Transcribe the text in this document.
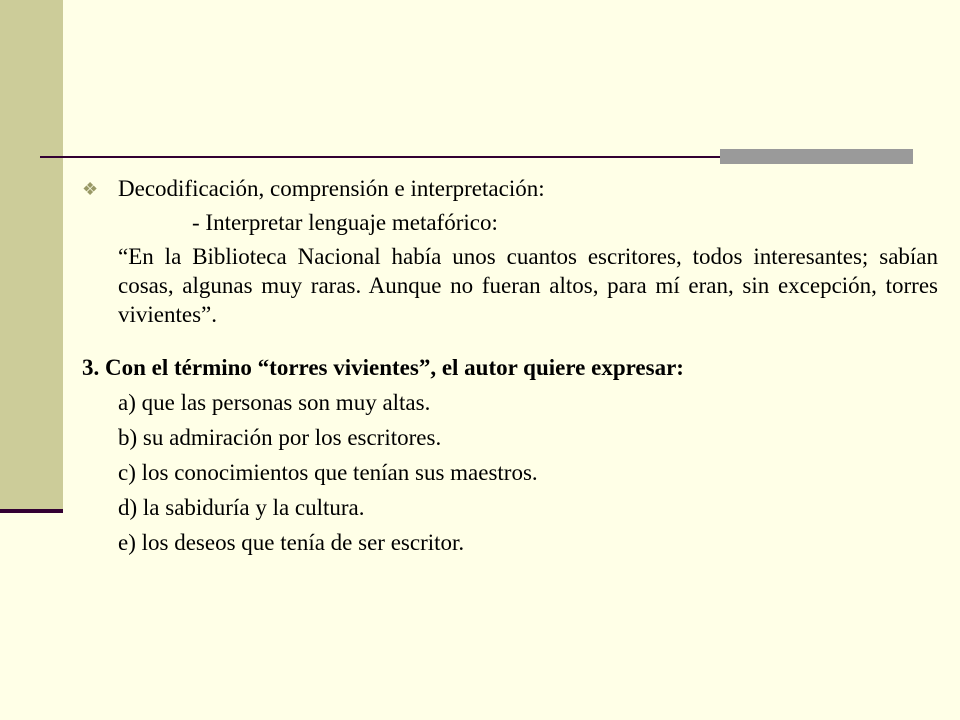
❖ Decodificación, comprensión e interpretación:
- Interpretar lenguaje metafórico:
“En la Biblioteca Nacional había unos cuantos escritores, todos interesantes; sabían cosas, algunas muy raras. Aunque no fueran altos, para mí eran, sin excepción, torres vivientes”.
3. Con el término “torres vivientes”, el autor quiere expresar:
a) que las personas son muy altas.
b) su admiración por los escritores.
c) los conocimientos que tenían sus maestros.
d) la sabiduría y la cultura.
e) los deseos que tenía de ser escritor.
